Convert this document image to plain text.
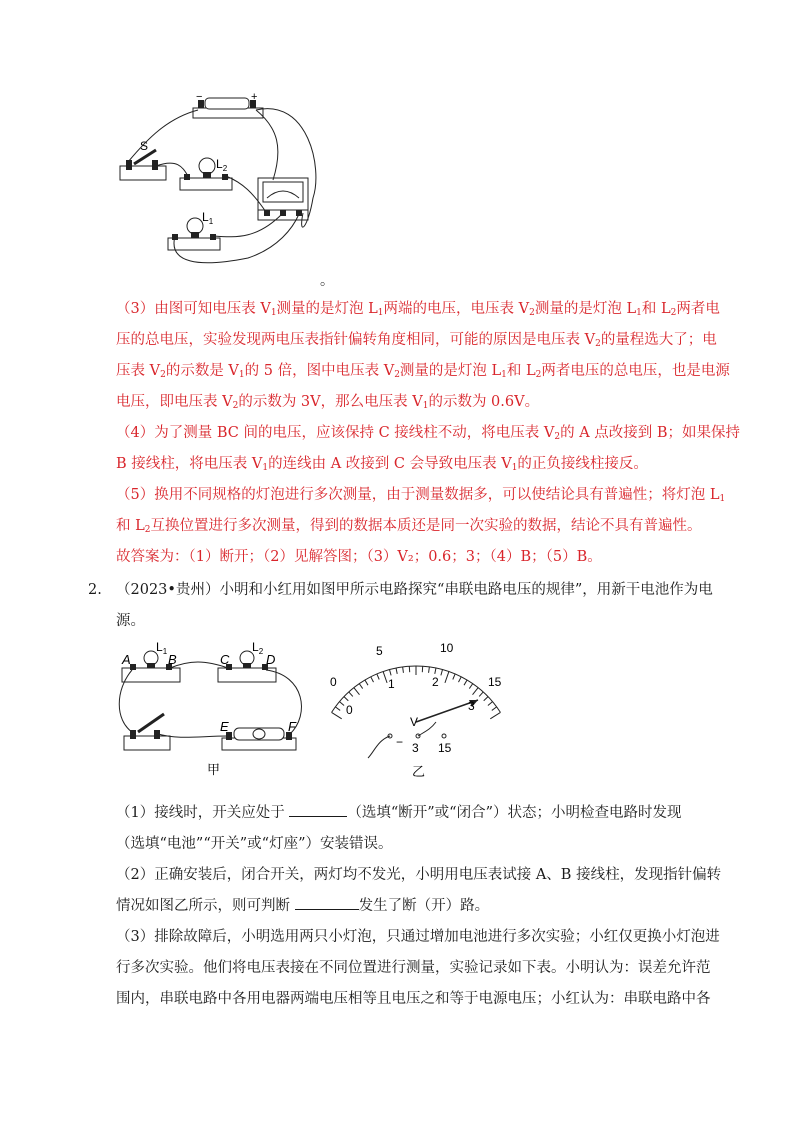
−	+
S
$L_2$
$L_1$
。

（3）由图可知电压表 $V_1$测量的是灯泡 $L_1$两端的电压，电压表 $V_2$测量的是灯泡 $L_1$和 $L_2$两者电

压的总电压，实验发现两电压表指针偏转角度相同，可能的原因是电压表 $V_2$的量程选大了；电

压表 $V_2$的示数是 $V_1$的 5 倍，图中电压表 $V_2$测量的是灯泡 $L_1$和 $L_2$两者电压的总电压，也是电源

电压，即电压表 $V_2$的示数为 3V，那么电压表 $V_1$的示数为 0.6V。

（4）为了测量 BC 间的电压，应该保持 C 接线柱不动，将电压表 $V_2$的 A 点改接到 B；如果保持

B 接线柱，将电压表 $V_1$的连线由 A 改接到 C 会导致电压表 $V_1$的正负接线柱接反。

（5）换用不同规格的灯泡进行多次测量，由于测量数据多，可以使结论具有普遍性；将灯泡 $L_1$

和 $L_2$互换位置进行多次测量，得到的数据本质还是同一次实验的数据，结论不具有普遍性。

故答案为：（1）断开；（2）见解答图；（3）V₂；0.6；3；（4）B；（5）B。

2. （2023•贵州）小明和小红用如图甲所示电路探究“串联电路电压的规律”，用新干电池作为电

源。

A	B
$L_1$
C	D
$L_2$
E	F
甲
0
5	10
15
0
1	2
3
V
− 3 15
乙

（1）接线时，开关应处于	（选填“断开”或“闭合”）状态；小明检查电路时发现

（选填“电池”“开关”或“灯座”）安装错误。

（2）正确安装后，闭合开关，两灯均不发光，小明用电压表试接 A、B 接线柱，发现指针偏转

情况如图乙所示，则可判断	发生了断（开）路。

（3）排除故障后，小明选用两只小灯泡，只通过增加电池进行多次实验；小红仅更换小灯泡进

行多次实验。他们将电压表接在不同位置进行测量，实验记录如下表。小明认为：误差允许范

围内，串联电路中各用电器两端电压相等且电压之和等于电源电压；小红认为：串联电路中各
